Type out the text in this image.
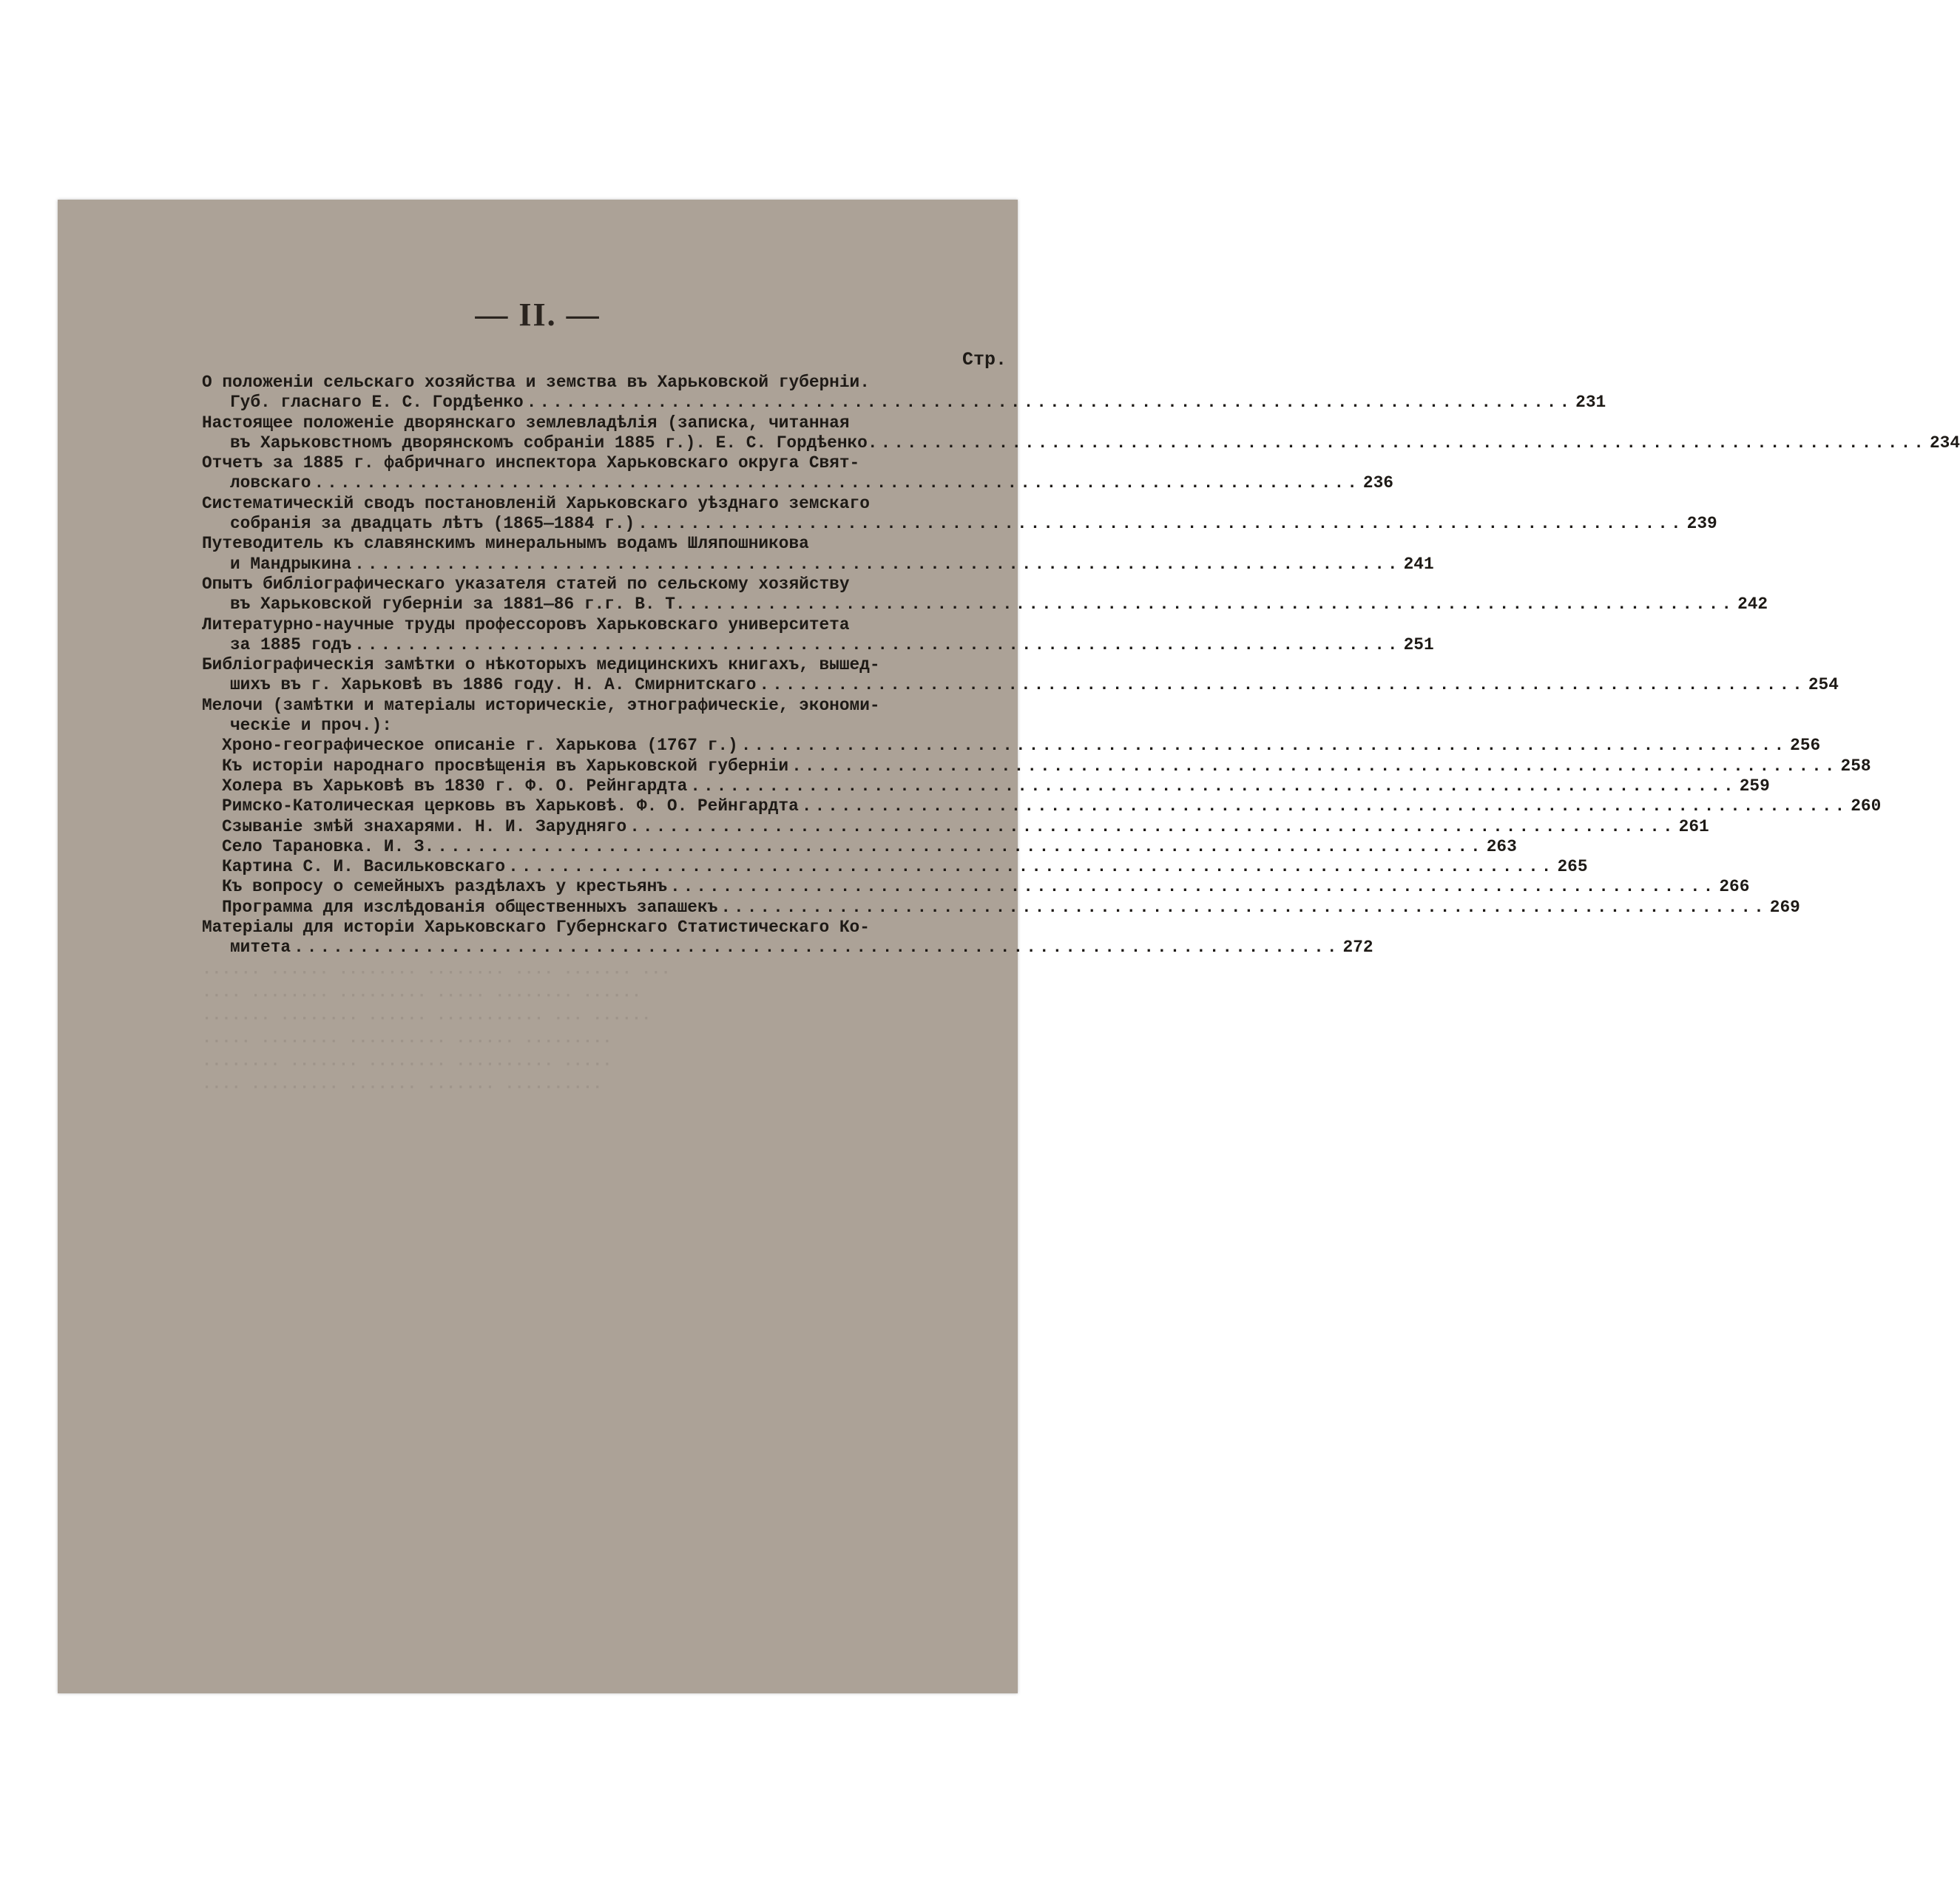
— II. —
Стр.
О положеніи сельскаго хозяйства и земства въ Харьковской губерніи.
Губ. гласнаго Е. С. Гордѣенко ................................................................................ 231
Настоящее положеніе дворянскаго землевладѣлія (записка, читанная
въ Харьковстномъ дворянскомъ собраніи 1885 г.). Е. С. Гордѣенко. ................................................................................ 234
Отчетъ за 1885 г. фабричнаго инспектора Харьковскаго округа Свят-
ловскаго ................................................................................ 236
Систематическій сводъ постановленій Харьковскаго уѣзднаго земскаго
собранія за двадцать лѣтъ (1865—1884 г.) ................................................................................ 239
Путеводитель къ славянскимъ минеральнымъ водамъ Шляпошникова
и Мандрыкина ................................................................................ 241
Опытъ библіографическаго указателя статей по сельскому хозяйству
въ Харьковской губерніи за 1881—86 г.г. В. Т. ................................................................................ 242
Литературно-научные труды профессоровъ Харьковскаго университета
за 1885 годъ ................................................................................ 251
Библіографическія замѣтки о нѣкоторыхъ медицинскихъ книгахъ, вышед-
шихъ въ г. Харьковѣ въ 1886 году. Н. А. Смирнитскаго ................................................................................ 254
Мелочи (замѣтки и матеріалы историческіе, этнографическіе, экономи-
ческіе и проч.):
Хроно-географическое описаніе г. Харькова (1767 г.) ................................................................................ 256
Къ исторіи народнаго просвѣщенія въ Харьковской губерніи ................................................................................ 258
Холера въ Харьковѣ въ 1830 г. Ф. О. Рейнгардта ................................................................................ 259
Римско-Католическая церковь въ Харьковѣ. Ф. О. Рейнгардта ................................................................................ 260
Сзываніе змѣй знахарями. Н. И. Зарудняго ................................................................................ 261
Село Тарановка. И. З. ................................................................................ 263
Картина С. И. Васильковскаго ................................................................................ 265
Къ вопросу о семейныхъ раздѣлахъ у крестьянъ ................................................................................ 266
Программа для изслѣдованія общественныхъ запашекъ ................................................................................ 269
Матеріалы для исторіи Харьковскаго Губернскаго Статистическаго Ко-
митета ................................................................................ 272
······ ······ ········ ········ ···· ······· ···
···· ········ ········· ····· ········ ······
······· ········ ······ ··········· ··· ······
····· ········ ·········· ······ ·········
········ ······· ········ ·········· ·····
···· ········· ······· ······· ··········
